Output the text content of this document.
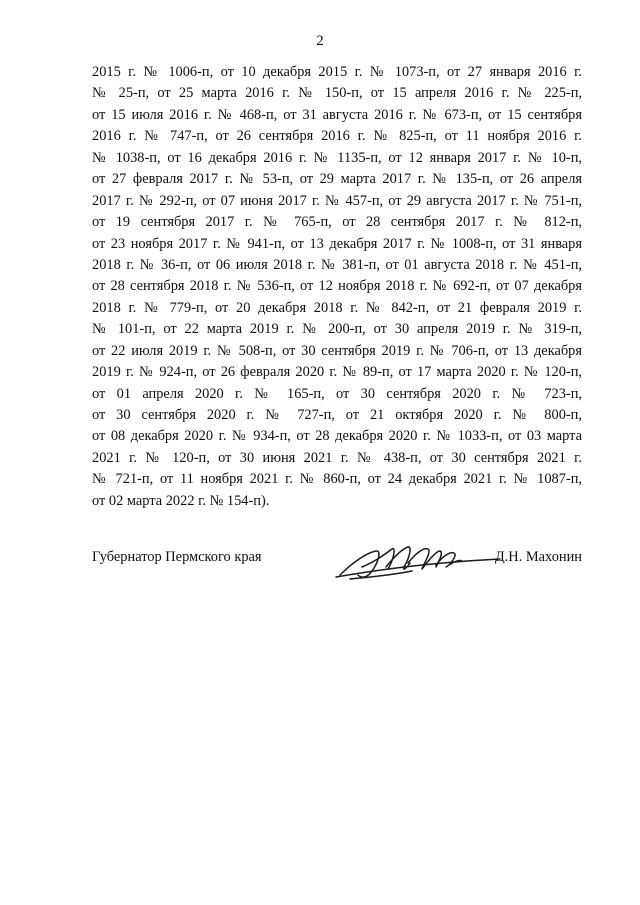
2
2015 г. № 1006-п, от 10 декабря 2015 г. № 1073-п, от 27 января 2016 г.
№ 25-п, от 25 марта 2016 г. № 150-п, от 15 апреля 2016 г. № 225-п,
от 15 июля 2016 г. № 468-п, от 31 августа 2016 г. № 673-п, от 15 сентября
2016 г. № 747-п, от 26 сентября 2016 г. № 825-п, от 11 ноября 2016 г.
№ 1038-п, от 16 декабря 2016 г. № 1135-п, от 12 января 2017 г. № 10-п,
от 27 февраля 2017 г. № 53-п, от 29 марта 2017 г. № 135-п, от 26 апреля
2017 г. № 292-п, от 07 июня 2017 г. № 457-п, от 29 августа 2017 г. № 751-п,
от 19 сентября 2017 г. № 765-п, от 28 сентября 2017 г. № 812-п,
от 23 ноября 2017 г. № 941-п, от 13 декабря 2017 г. № 1008-п, от 31 января
2018 г. № 36-п, от 06 июля 2018 г. № 381-п, от 01 августа 2018 г. № 451-п,
от 28 сентября 2018 г. № 536-п, от 12 ноября 2018 г. № 692-п, от 07 декабря
2018 г. № 779-п, от 20 декабря 2018 г. № 842-п, от 21 февраля 2019 г.
№ 101-п, от 22 марта 2019 г. № 200-п, от 30 апреля 2019 г. № 319-п,
от 22 июля 2019 г. № 508-п, от 30 сентября 2019 г. № 706-п, от 13 декабря
2019 г. № 924-п, от 26 февраля 2020 г. № 89-п, от 17 марта 2020 г. № 120-п,
от 01 апреля 2020 г. № 165-п, от 30 сентября 2020 г. № 723-п,
от 30 сентября 2020 г. № 727-п, от 21 октября 2020 г. № 800-п,
от 08 декабря 2020 г. № 934-п, от 28 декабря 2020 г. № 1033-п, от 03 марта
2021 г. № 120-п, от 30 июня 2021 г. № 438-п, от 30 сентября 2021 г.
№ 721-п, от 11 ноября 2021 г. № 860-п, от 24 декабря 2021 г. № 1087-п,
от 02 марта 2022 г. № 154-п).
Губернатор Пермского края	Д.Н. Махонин
